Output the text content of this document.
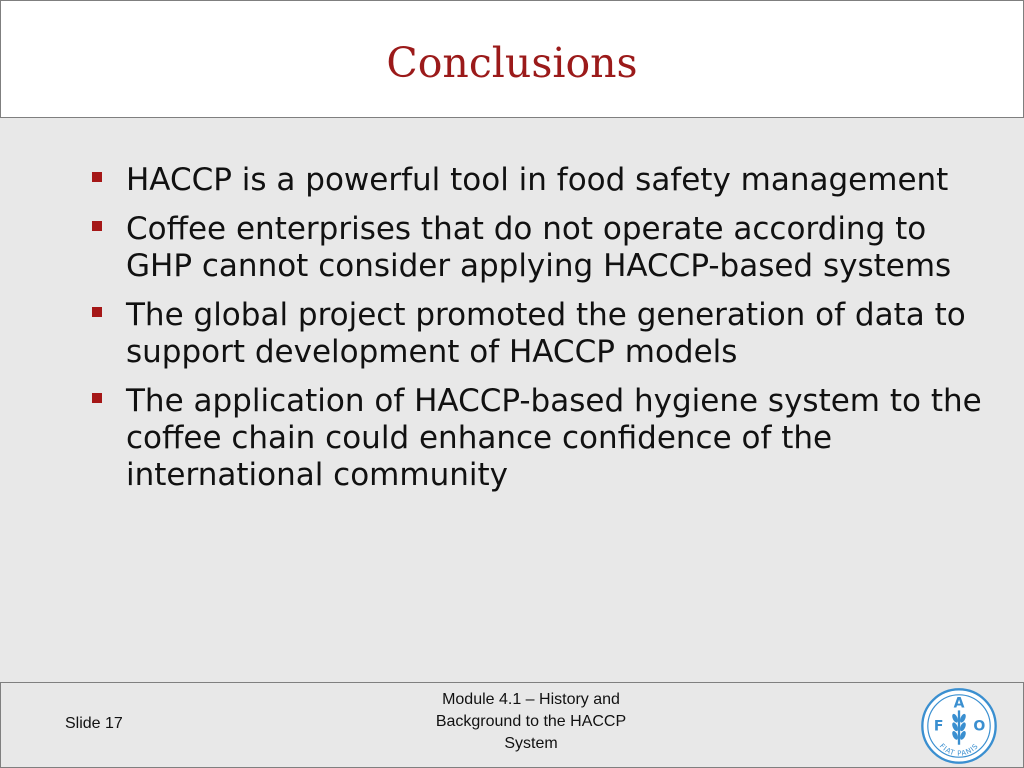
Conclusions
HACCP is a powerful tool in food safety management
Coffee enterprises that do not operate according to GHP cannot consider applying HACCP-based systems
The global project promoted the generation of data to support development of HACCP models
The application of HACCP-based hygiene system to the coffee chain could enhance confidence of the international community
Slide 17
Module 4.1 – History and
Background to the HACCP
System
F
A
O
FIAT PANIS
